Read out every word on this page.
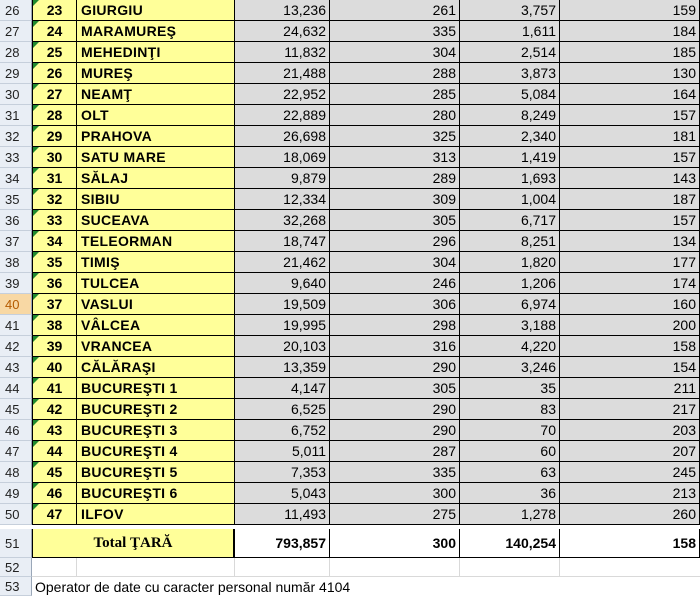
26	23	GIURGIU	13,236	261	3,757	159
27	24	MARAMUREŞ	24,632	335	1,611	184
28	25	MEHEDINŢI	11,832	304	2,514	185
29	26	MUREŞ	21,488	288	3,873	130
30	27	NEAMŢ	22,952	285	5,084	164
31	28	OLT	22,889	280	8,249	157
32	29	PRAHOVA	26,698	325	2,340	181
33	30	SATU MARE	18,069	313	1,419	157
34	31	SĂLAJ	9,879	289	1,693	143
35	32	SIBIU	12,334	309	1,004	187
36	33	SUCEAVA	32,268	305	6,717	157
37	34	TELEORMAN	18,747	296	8,251	134
38	35	TIMIŞ	21,462	304	1,820	177
39	36	TULCEA	9,640	246	1,206	174
40	37	VASLUI	19,509	306	6,974	160
41	38	VÂLCEA	19,995	298	3,188	200
42	39	VRANCEA	20,103	316	4,220	158
43	40	CĂLĂRAŞI	13,359	290	3,246	154
44	41	BUCUREŞTI 1	4,147	305	35	211
45	42	BUCUREŞTI 2	6,525	290	83	217
46	43	BUCUREŞTI 3	6,752	290	70	203
47	44	BUCUREŞTI 4	5,011	287	60	207
48	45	BUCUREŞTI 5	7,353	335	63	245
49	46	BUCUREŞTI 6	5,043	300	36	213
50	47	ILFOV	11,493	275	1,278	260
51	Total ŢARĂ	793,857	300	140,254	158
52
53	Operator de date cu caracter personal număr 4104
